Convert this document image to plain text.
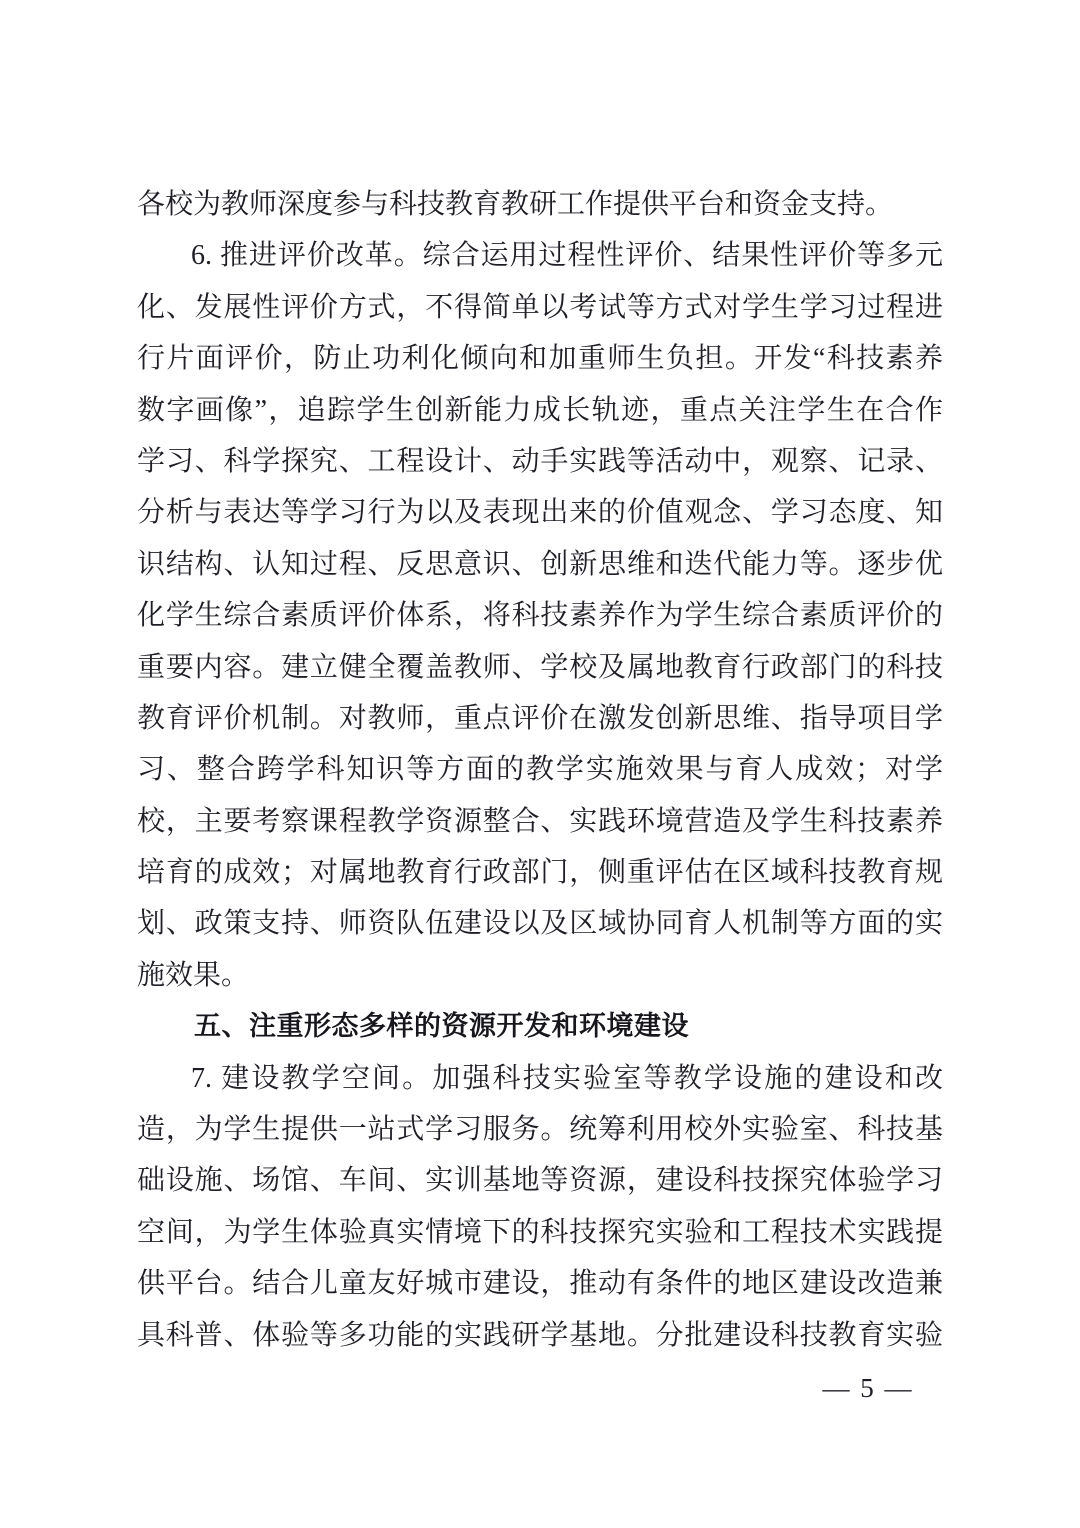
各校为教师深度参与科技教育教研工作提供平台和资金支持。
6. 推进评价改革。综合运用过程性评价、结果性评价等多元
化、发展性评价方式，不得简单以考试等方式对学生学习过程进
行片面评价，防止功利化倾向和加重师生负担。开发“科技素养
数字画像”，追踪学生创新能力成长轨迹，重点关注学生在合作
学习、科学探究、工程设计、动手实践等活动中，观察、记录、
分析与表达等学习行为以及表现出来的价值观念、学习态度、知
识结构、认知过程、反思意识、创新思维和迭代能力等。逐步优
化学生综合素质评价体系，将科技素养作为学生综合素质评价的
重要内容。建立健全覆盖教师、学校及属地教育行政部门的科技
教育评价机制。对教师，重点评价在激发创新思维、指导项目学
习、整合跨学科知识等方面的教学实施效果与育人成效；对学
校，主要考察课程教学资源整合、实践环境营造及学生科技素养
培育的成效；对属地教育行政部门，侧重评估在区域科技教育规
划、政策支持、师资队伍建设以及区域协同育人机制等方面的实
施效果。
五、注重形态多样的资源开发和环境建设
7. 建设教学空间。加强科技实验室等教学设施的建设和改
造，为学生提供一站式学习服务。统筹利用校外实验室、科技基
础设施、场馆、车间、实训基地等资源，建设科技探究体验学习
空间，为学生体验真实情境下的科技探究实验和工程技术实践提
供平台。结合儿童友好城市建设，推动有条件的地区建设改造兼
具科普、体验等多功能的实践研学基地。分批建设科技教育实验
— 5 —
